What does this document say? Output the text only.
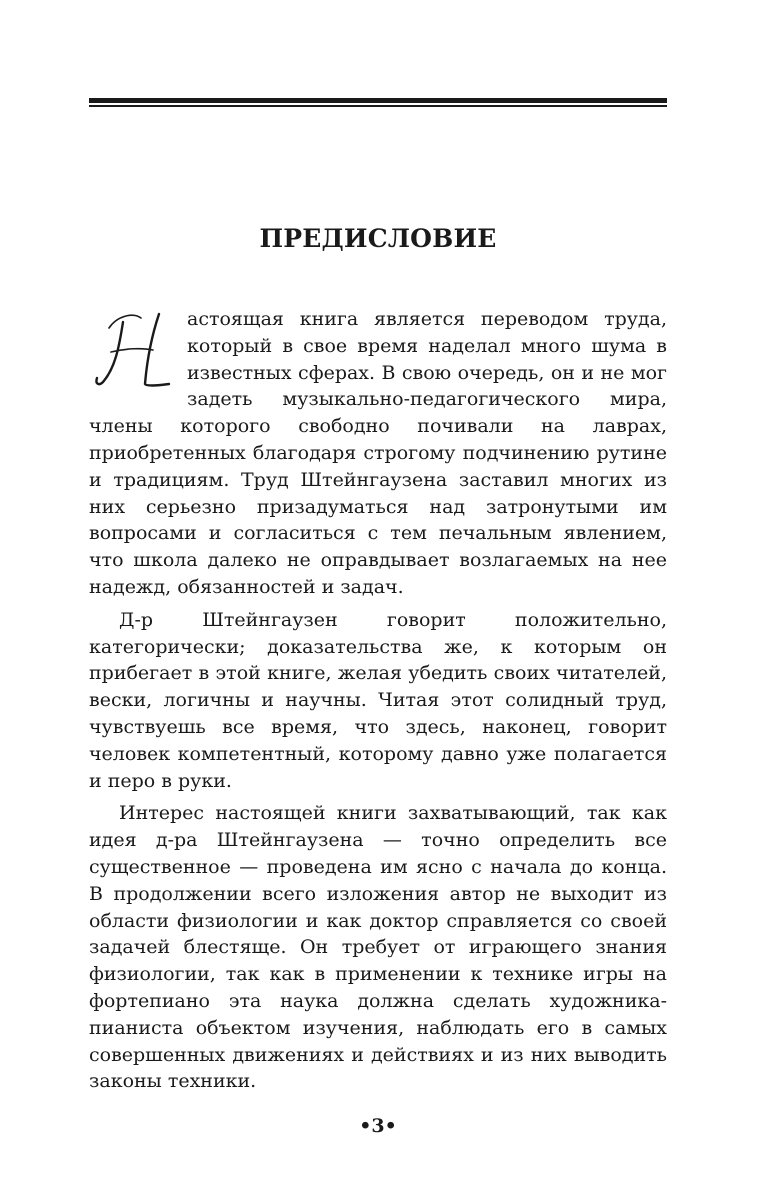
ПРЕДИСЛОВИЕ

астоящая книга является переводом труда, который в свое время наделал много шума в известных сферах. В свою очередь, он и не мог задеть музыкально-педагогического мира, члены которого свободно почивали на лаврах, приобретенных благодаря строгому подчинению рутине и традициям. Труд Штейнгаузена заставил многих из них серьезно призадуматься над затронутыми им вопросами и согласиться с тем печальным явлением, что школа далеко не оправдывает возлагаемых на нее надежд, обязанностей и задач.

Д-р Штейнгаузен говорит положительно, категорически; доказательства же, к которым он прибегает в этой книге, желая убедить своих читателей, вески, логичны и научны. Читая этот солидный труд, чувствуешь все время, что здесь, наконец, говорит человек компетентный, которому давно уже полагается и перо в руки.

Интерес настоящей книги захватывающий, так как идея д-ра Штейнгаузена — точно определить все существенное — проведена им ясно с начала до конца. В продолжении всего изложения автор не выходит из области физиологии и как доктор справляется со своей задачей блестяще. Он требует от играющего знания физиологии, так как в применении к технике игры на фортепиано эта наука должна сделать художника-пианиста объектом изучения, наблюдать его в самых совершенных движениях и действиях и из них выводить законы техники.

•3•
